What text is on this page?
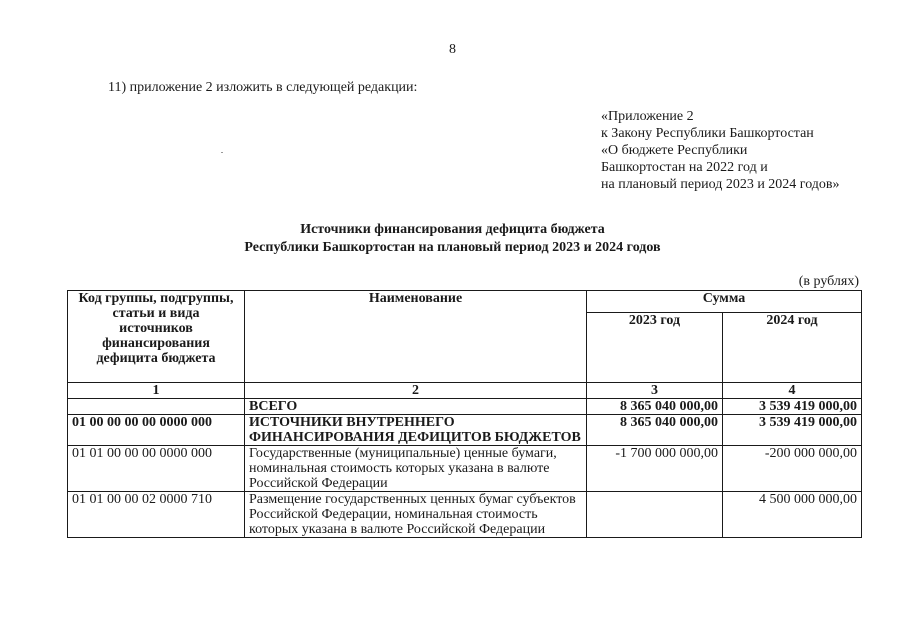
8
11) приложение 2 изложить в следующей редакции:
«Приложение 2
к Закону Республики Башкортостан
«О бюджете Республики
Башкортостан на 2022 год и
на плановый период 2023 и 2024 годов»
Источники финансирования дефицита бюджета
Республики Башкортостан на плановый период 2023 и 2024 годов
(в рублях)
Код группы, подгруппы, статьи и вида источников финансирования дефицита бюджета	Наименование	Сумма	
		2023 год	2024 год
1	2	3	4
	ВСЕГО	8 365 040 000,00	3 539 419 000,00
01 00 00 00 00 0000 000	ИСТОЧНИКИ ВНУТРЕННЕГО ФИНАНСИРОВАНИЯ ДЕФИЦИТОВ БЮДЖЕТОВ	8 365 040 000,00	3 539 419 000,00
01 01 00 00 00 0000 000	Государственные (муниципальные) ценные бумаги, номинальная стоимость которых указана в валюте Российской Федерации	-1 700 000 000,00	-200 000 000,00
01 01 00 00 02 0000 710	Размещение государственных ценных бумаг субъектов Российской Федерации, номинальная стоимость которых указана в валюте Российской Федерации		4 500 000 000,00
